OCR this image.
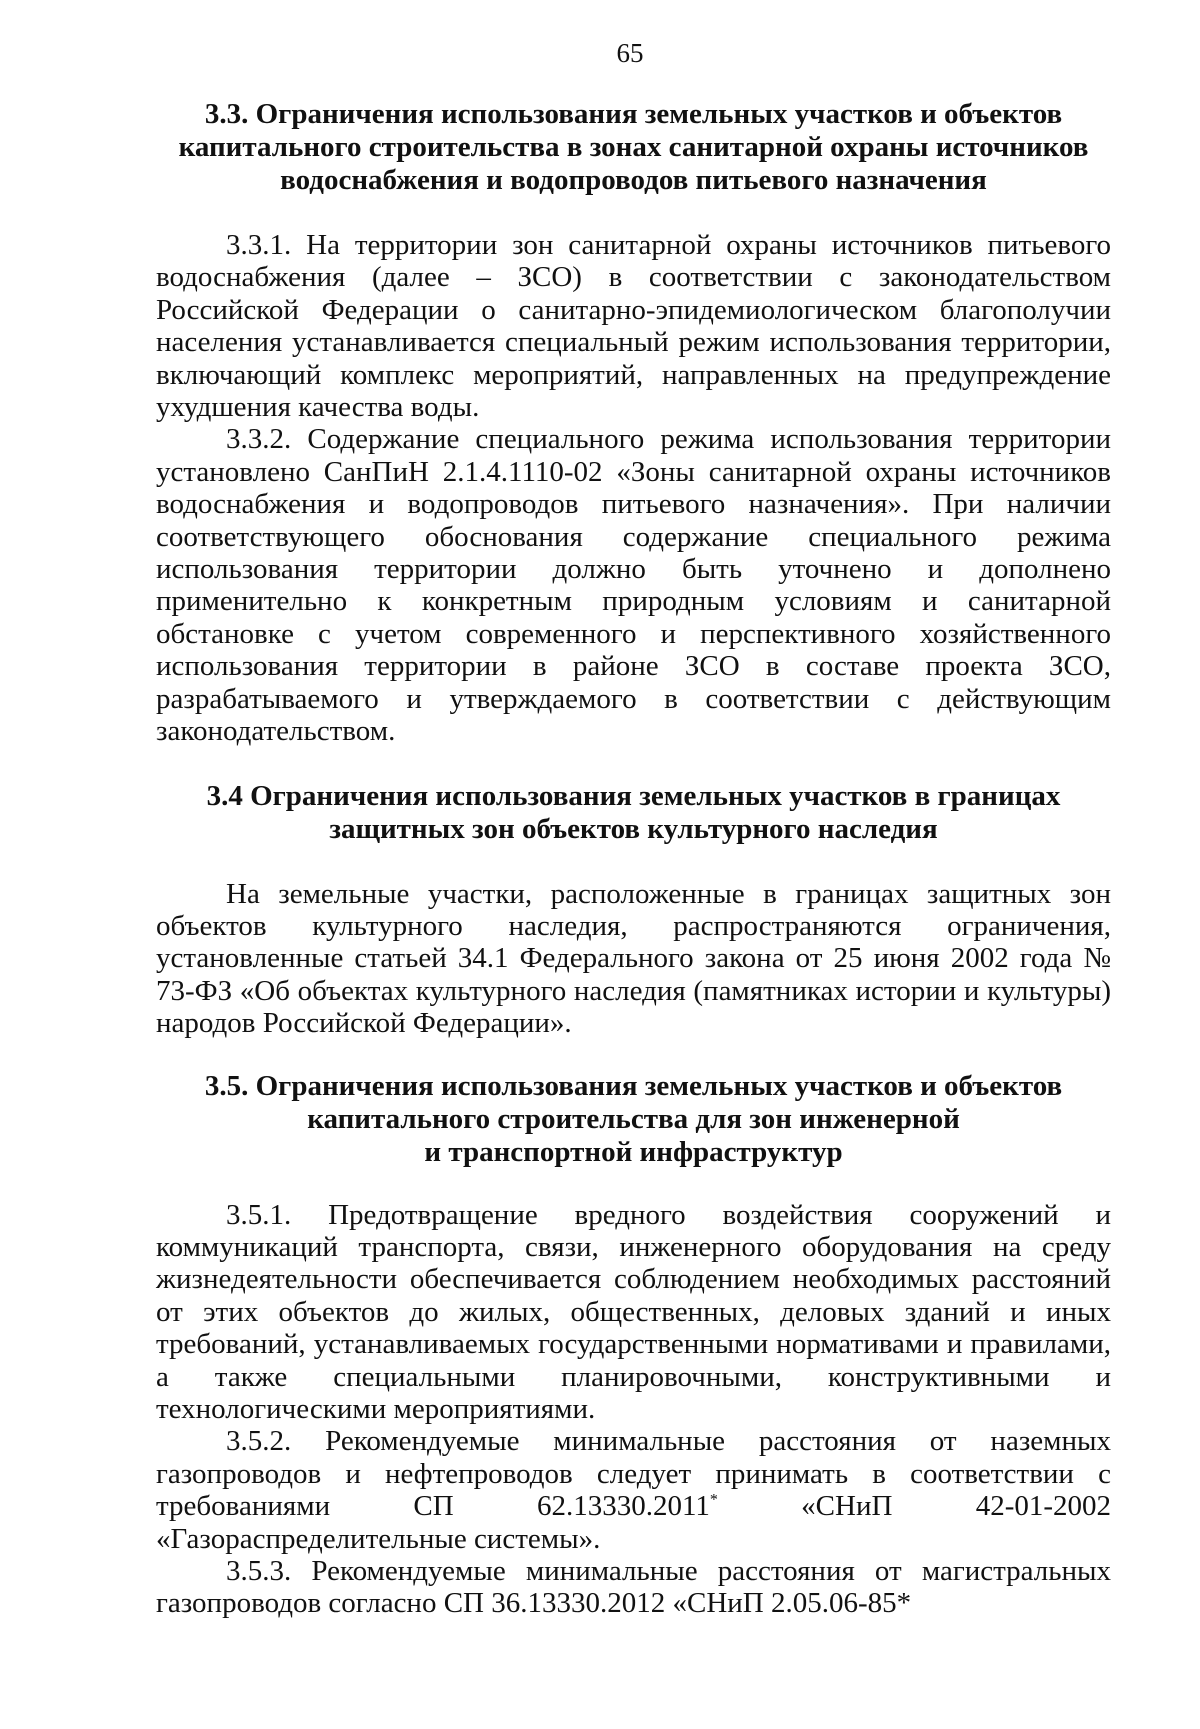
65
3.3. Ограничения использования земельных участков и объектов капитального строительства в зонах санитарной охраны источников водоснабжения и водопроводов питьевого назначения

3.3.1. На территории зон санитарной охраны источников питьевого водоснабжения (далее – ЗСО) в соответствии с законодательством Российской Федерации о санитарно-эпидемиологическом благополучии населения устанавливается специальный режим использования территории, включающий комплекс мероприятий, направленных на предупреждение ухудшения качества воды.

3.3.2. Содержание специального режима использования территории установлено СанПиН 2.1.4.1110-02 «Зоны санитарной охраны источников водоснабжения и водопроводов питьевого назначения». При наличии соответствующего обоснования содержание специального режима использования территории должно быть уточнено и дополнено применительно к конкретным природным условиям и санитарной обстановке с учетом современного и перспективного хозяйственного использования территории в районе ЗСО в составе проекта ЗСО, разрабатываемого и утверждаемого в соответствии с действующим законодательством.

3.4 Ограничения использования земельных участков в границах защитных зон объектов культурного наследия

На земельные участки, расположенные в границах защитных зон объектов культурного наследия, распространяются ограничения, установленные статьей 34.1 Федерального закона от 25 июня 2002 года № 73-ФЗ «Об объектах культурного наследия (памятниках истории и культуры) народов Российской Федерации».

3.5. Ограничения использования земельных участков и объектов
капитального строительства для зон инженерной
и транспортной инфраструктур

3.5.1. Предотвращение вредного воздействия сооружений и коммуникаций транспорта, связи, инженерного оборудования на среду жизнедеятельности обеспечивается соблюдением необходимых расстояний от этих объектов до жилых, общественных, деловых зданий и иных требований, устанавливаемых государственными нормативами и правилами, а также специальными планировочными, конструктивными и технологическими мероприятиями.

3.5.2. Рекомендуемые минимальные расстояния от наземных газопроводов и нефтепроводов следует принимать в соответствии с требованиями СП 62.13330.2011* «СНиП 42-01-2002 «Газораспределительные системы».

3.5.3. Рекомендуемые минимальные расстояния от магистральных газопроводов согласно СП 36.13330.2012 «СНиП 2.05.06-85*
